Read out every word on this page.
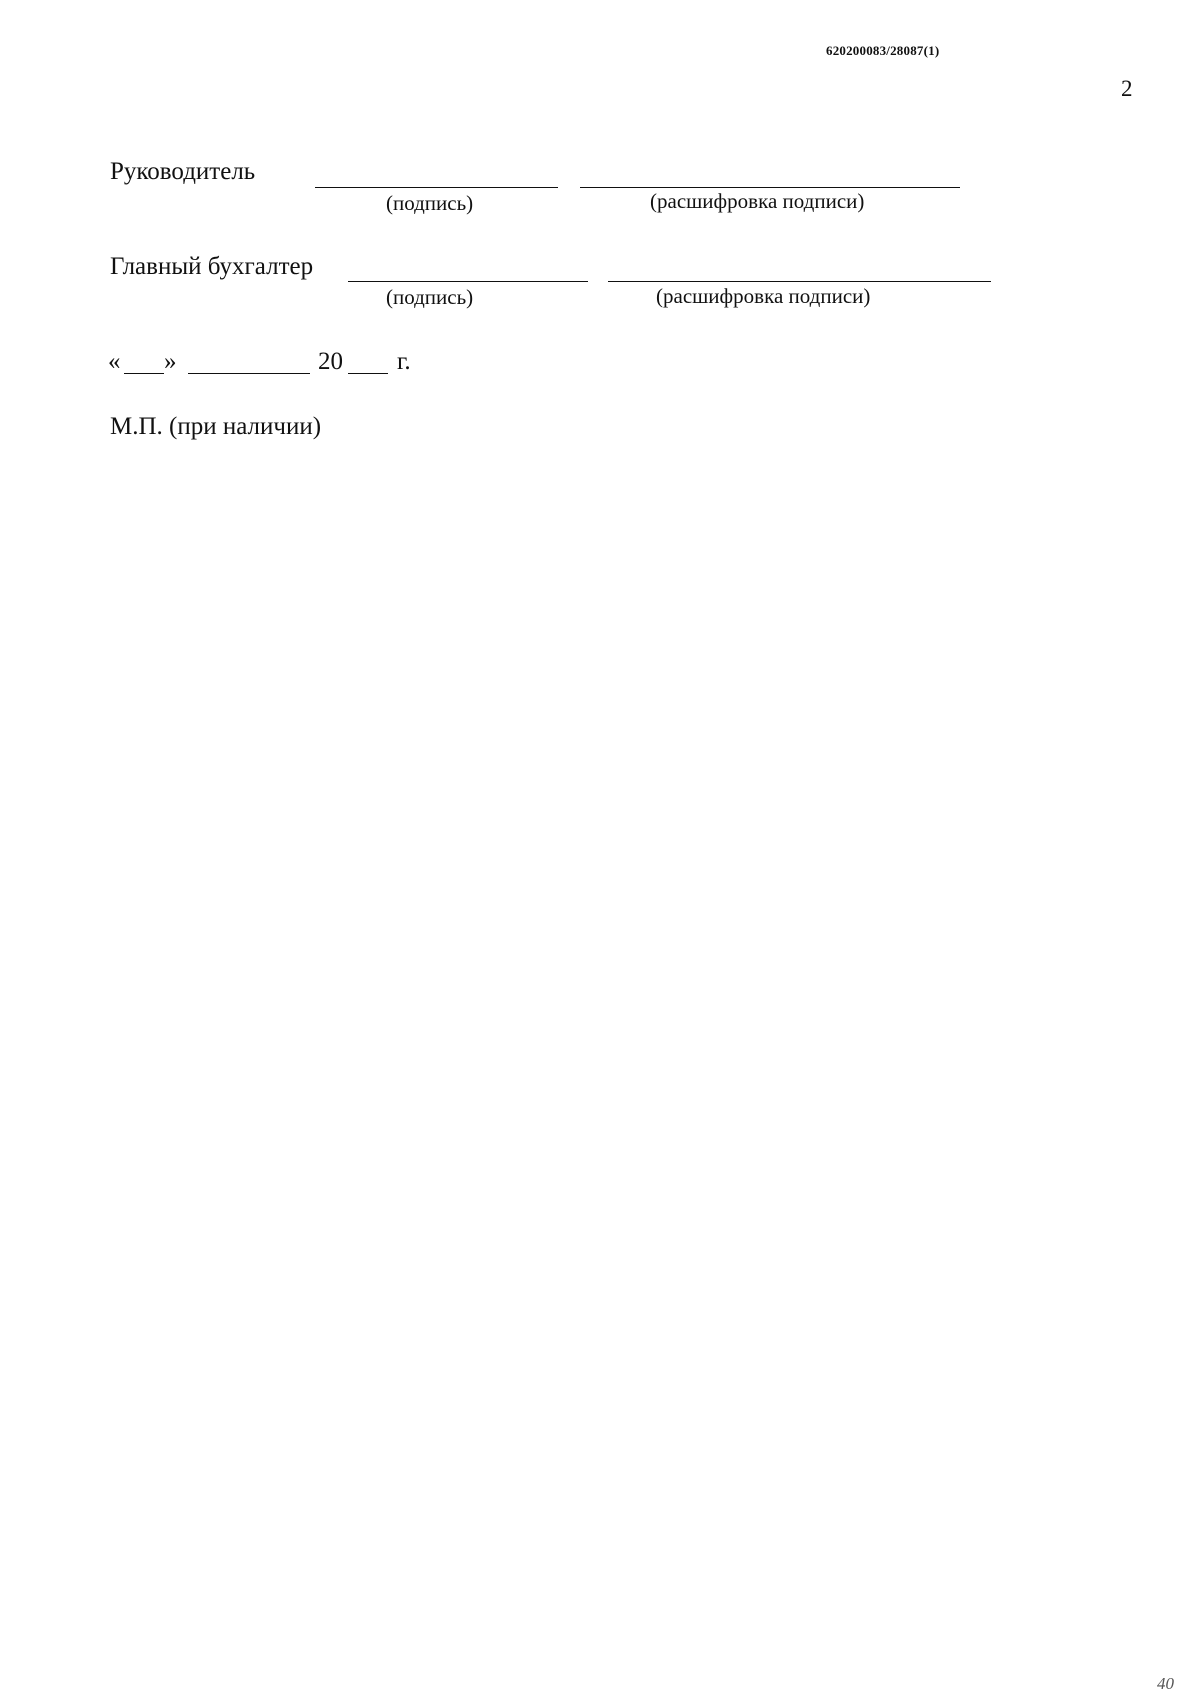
620200083/28087(1)
2
Руководитель
(подпись)	(расшифровка подписи)
Главный бухгалтер
(подпись)	(расшифровка подписи)
« »	20 г.
М.П. (при наличии)
40
